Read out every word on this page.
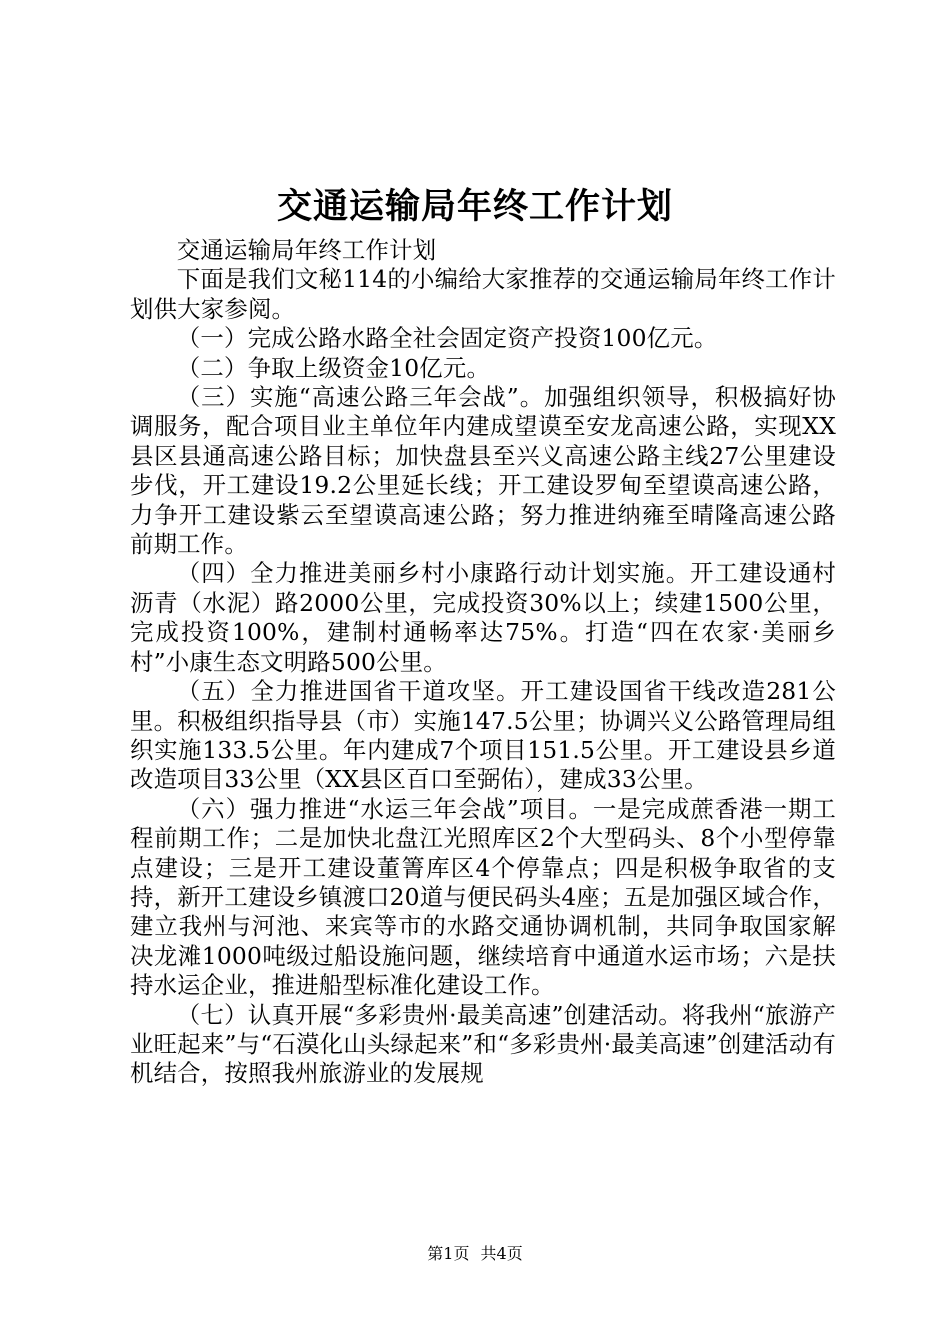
交通运输局年终工作计划

交通运输局年终工作计划

下面是我们文秘114的小编给大家推荐的交通运输局年终工作计划供大家参阅。

（一）完成公路水路全社会固定资产投资100亿元。

（二）争取上级资金10亿元。

（三）实施“高速公路三年会战”。加强组织领导，积极搞好协调服务，配合项目业主单位年内建成望谟至安龙高速公路，实现XX县区县通高速公路目标；加快盘县至兴义高速公路主线27公里建设步伐，开工建设19.2公里延长线；开工建设罗甸至望谟高速公路，力争开工建设紫云至望谟高速公路；努力推进纳雍至晴隆高速公路前期工作。

（四）全力推进美丽乡村小康路行动计划实施。开工建设通村沥青（水泥）路2000公里，完成投资30%以上；续建1500公里，完成投资100%，建制村通畅率达75%。打造“四在农家·美丽乡村”小康生态文明路500公里。

（五）全力推进国省干道攻坚。开工建设国省干线改造281公里。积极组织指导县（市）实施147.5公里；协调兴义公路管理局组织实施133.5公里。年内建成7个项目151.5公里。开工建设县乡道改造项目33公里（XX县区百口至弼佑），建成33公里。

（六）强力推进“水运三年会战”项目。一是完成蔗香港一期工程前期工作；二是加快北盘江光照库区2个大型码头、8个小型停靠点建设；三是开工建设董箐库区4个停靠点；四是积极争取省的支持，新开工建设乡镇渡口20道与便民码头4座；五是加强区域合作，建立我州与河池、来宾等市的水路交通协调机制，共同争取国家解决龙滩1000吨级过船设施问题，继续培育中通道水运市场；六是扶持水运企业，推进船型标准化建设工作。

（七）认真开展“多彩贵州·最美高速”创建活动。将我州“旅游产业旺起来”与“石漠化山头绿起来”和“多彩贵州·最美高速”创建活动有机结合，按照我州旅游业的发展规

第1页 共4页
